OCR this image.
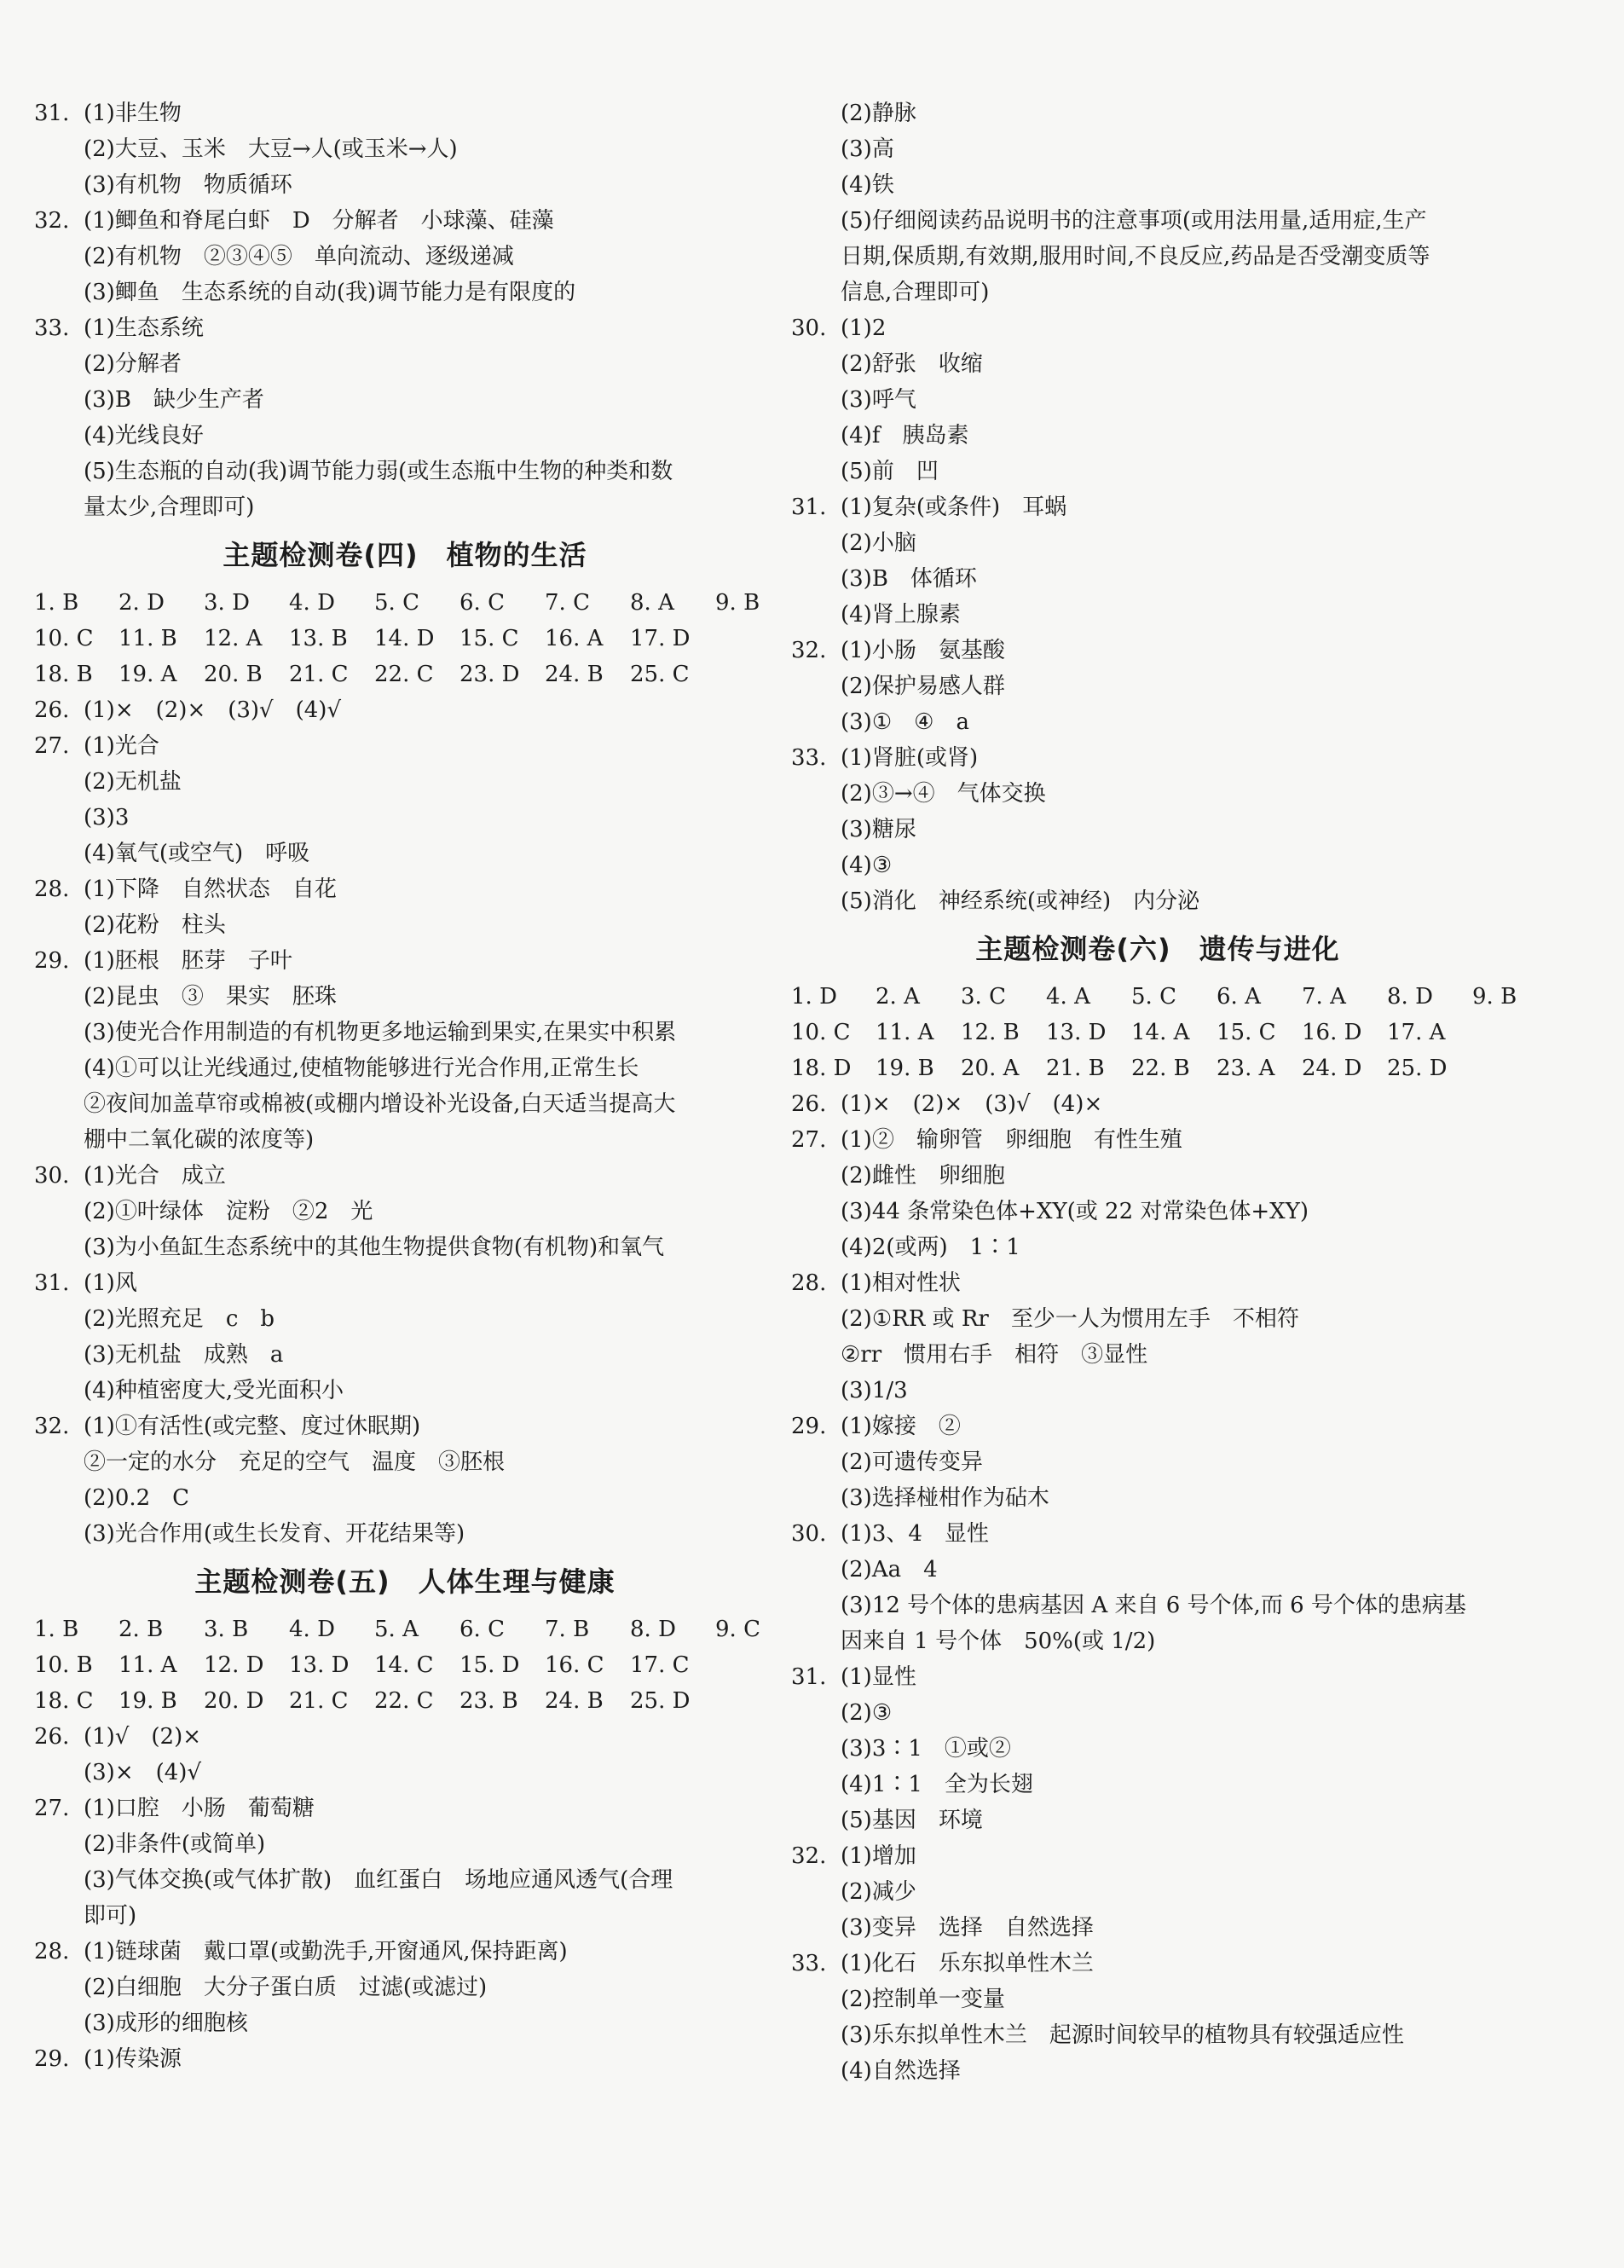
31. (1)非生物
(2)大豆、玉米　大豆→人(或玉米→人)
(3)有机物　物质循环
32. (1)鲫鱼和脊尾白虾　D　分解者　小球藻、硅藻
(2)有机物　②③④⑤　单向流动、逐级递减
(3)鲫鱼　生态系统的自动(我)调节能力是有限度的
33. (1)生态系统
(2)分解者
(3)B　缺少生产者
(4)光线良好
(5)生态瓶的自动(我)调节能力弱(或生态瓶中生物的种类和数
量太少,合理即可)
主题检测卷(四)　植物的生活
1. B 2. D 3. D 4. D 5. C 6. C 7. C 8. A 9. B
10. C 11. B 12. A 13. B 14. D 15. C 16. A 17. D
18. B 19. A 20. B 21. C 22. C 23. D 24. B 25. C
26. (1)×　(2)×　(3)√　(4)√
27. (1)光合
(2)无机盐
(3)3
(4)氧气(或空气)　呼吸
28. (1)下降　自然状态　自花
(2)花粉　柱头
29. (1)胚根　胚芽　子叶
(2)昆虫　③　果实　胚珠
(3)使光合作用制造的有机物更多地运输到果实,在果实中积累
(4)①可以让光线通过,使植物能够进行光合作用,正常生长
②夜间加盖草帘或棉被(或棚内增设补光设备,白天适当提高大
棚中二氧化碳的浓度等)
30. (1)光合　成立
(2)①叶绿体　淀粉　②2　光
(3)为小鱼缸生态系统中的其他生物提供食物(有机物)和氧气
31. (1)风
(2)光照充足　c　b
(3)无机盐　成熟　a
(4)种植密度大,受光面积小
32. (1)①有活性(或完整、度过休眠期)
②一定的水分　充足的空气　温度　③胚根
(2)0.2　C
(3)光合作用(或生长发育、开花结果等)
主题检测卷(五)　人体生理与健康
1. B 2. B 3. B 4. D 5. A 6. C 7. B 8. D 9. C
10. B 11. A 12. D 13. D 14. C 15. D 16. C 17. C
18. C 19. B 20. D 21. C 22. C 23. B 24. B 25. D
26. (1)√　(2)×
(3)×　(4)√
27. (1)口腔　小肠　葡萄糖
(2)非条件(或简单)
(3)气体交换(或气体扩散)　血红蛋白　场地应通风透气(合理
即可)
28. (1)链球菌　戴口罩(或勤洗手,开窗通风,保持距离)
(2)白细胞　大分子蛋白质　过滤(或滤过)
(3)成形的细胞核
29. (1)传染源
(2)静脉
(3)高
(4)铁
(5)仔细阅读药品说明书的注意事项(或用法用量,适用症,生产
日期,保质期,有效期,服用时间,不良反应,药品是否受潮变质等
信息,合理即可)
30. (1)2
(2)舒张　收缩
(3)呼气
(4)f　胰岛素
(5)前　凹
31. (1)复杂(或条件)　耳蜗
(2)小脑
(3)B　体循环
(4)肾上腺素
32. (1)小肠　氨基酸
(2)保护易感人群
(3)①　④　a
33. (1)肾脏(或肾)
(2)③→④　气体交换
(3)糖尿
(4)③
(5)消化　神经系统(或神经)　内分泌
主题检测卷(六)　遗传与进化
1. D 2. A 3. C 4. A 5. C 6. A 7. A 8. D 9. B
10. C 11. A 12. B 13. D 14. A 15. C 16. D 17. A
18. D 19. B 20. A 21. B 22. B 23. A 24. D 25. D
26. (1)×　(2)×　(3)√　(4)×
27. (1)②　输卵管　卵细胞　有性生殖
(2)雌性　卵细胞
(3)44 条常染色体+XY(或 22 对常染色体+XY)
(4)2(或两)　1∶1
28. (1)相对性状
(2)①RR 或 Rr　至少一人为惯用左手　不相符
②rr　惯用右手　相符　③显性
(3)1/3
29. (1)嫁接　②
(2)可遗传变异
(3)选择椪柑作为砧木
30. (1)3、4　显性
(2)Aa　4
(3)12 号个体的患病基因 A 来自 6 号个体,而 6 号个体的患病基
因来自 1 号个体　50%(或 1/2)
31. (1)显性
(2)③
(3)3∶1　①或②
(4)1∶1　全为长翅
(5)基因　环境
32. (1)增加
(2)减少
(3)变异　选择　自然选择
33. (1)化石　乐东拟单性木兰
(2)控制单一变量
(3)乐东拟单性木兰　起源时间较早的植物具有较强适应性
(4)自然选择
